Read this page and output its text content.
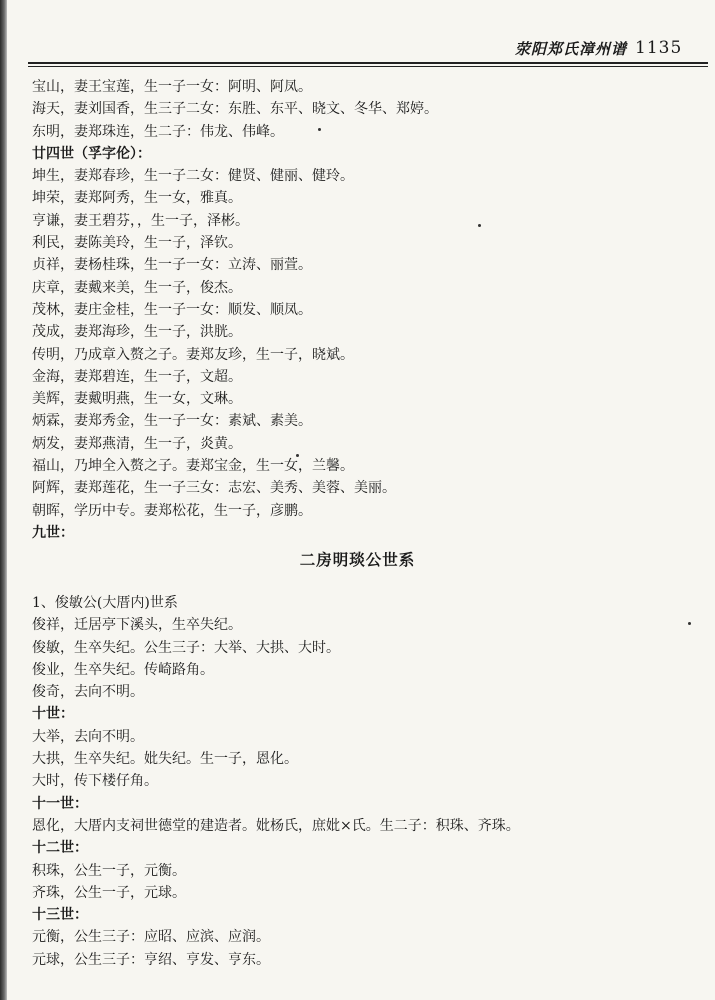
荥阳郑氏漳州谱 1135
宝山，妻王宝莲，生一子一女：阿明、阿凤。
海天，妻刘国香，生三子二女：东胜、东平、晓文、冬华、郑婷。
东明，妻郑珠连，生二子：伟龙、伟峰。
廿四世（孚字伦）：
坤生，妻郑春珍，生一子二女：健贤、健丽、健玲。
坤荣，妻郑阿秀，生一女，雅真。
亨谦，妻王碧芬，，生一子，泽彬。
利民，妻陈美玲，生一子，泽钦。
贞祥，妻杨桂珠，生一子一女：立涛、丽萱。
庆章，妻戴来美，生一子，俊杰。
茂林，妻庄金桂，生一子一女：顺发、顺凤。
茂成，妻郑海珍，生一子，洪胱。
传明，乃成章入赘之子。妻郑友珍，生一子，晓斌。
金海，妻郑碧连，生一子，文超。
美辉，妻戴明燕，生一女，文琳。
炳霖，妻郑秀金，生一子一女：素斌、素美。
炳发，妻郑燕清，生一子，炎黄。
福山，乃坤全入赘之子。妻郑宝金，生一女，兰馨。
阿辉，妻郑莲花，生一子三女：志宏、美秀、美蓉、美丽。
朝晖，学历中专。妻郑松花，生一子，彦鹏。
九世：
二房明琰公世系
1、俊敏公(大厝内)世系
俊祥，迁居亭下溪头，生卒失纪。
俊敏，生卒失纪。公生三子：大举、大拱、大时。
俊业，生卒失纪。传崎路角。
俊奇，去向不明。
十世：
大举，去向不明。
大拱，生卒失纪。妣失纪。生一子，恩化。
大时，传下楼仔角。
十一世：
恩化，大厝内支祠世德堂的建造者。妣杨氏，庶妣×氏。生二子：积珠、齐珠。
十二世：
积珠，公生一子，元衡。
齐珠，公生一子，元球。
十三世：
元衡，公生三子：应昭、应滨、应润。
元球，公生三子：亨绍、亨发、亨东。
